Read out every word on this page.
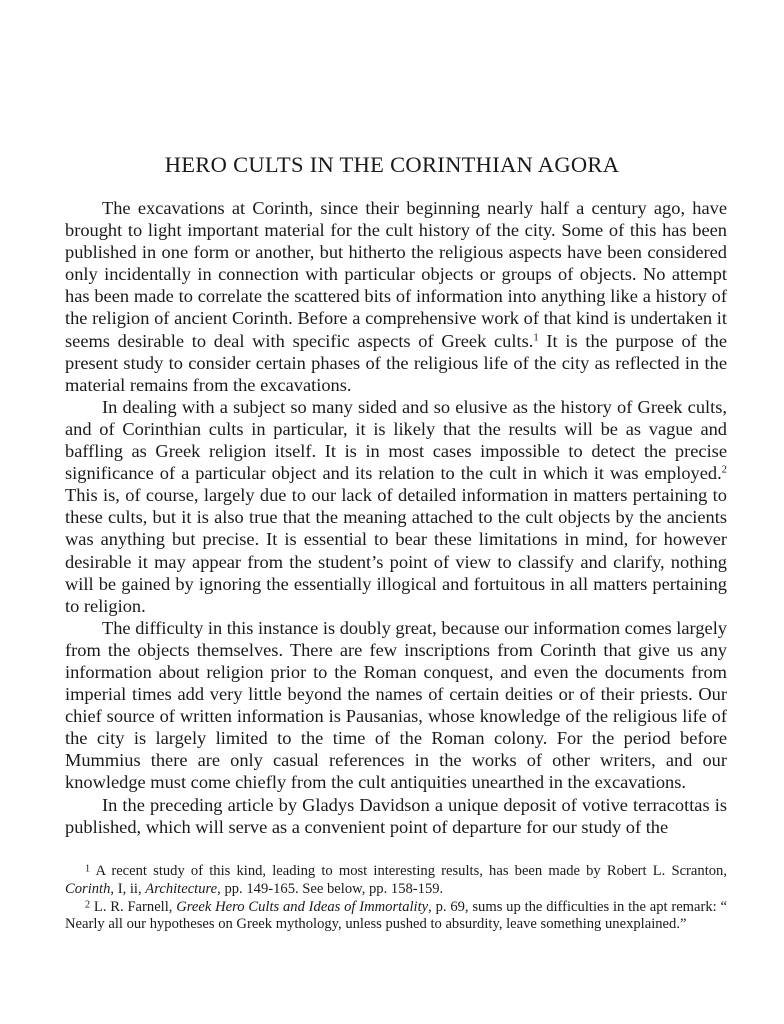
HERO CULTS IN THE CORINTHIAN AGORA

The excavations at Corinth, since their beginning nearly half a century ago, have brought to light important material for the cult history of the city. Some of this has been published in one form or another, but hitherto the religious aspects have been considered only incidentally in connection with particular objects or groups of objects. No attempt has been made to correlate the scattered bits of information into anything like a history of the religion of ancient Corinth. Before a comprehensive work of that kind is undertaken it seems desirable to deal with specific aspects of Greek cults.$^1$ It is the purpose of the present study to consider certain phases of the religious life of the city as reflected in the material remains from the excavations.

In dealing with a subject so many sided and so elusive as the history of Greek cults, and of Corinthian cults in particular, it is likely that the results will be as vague and baffling as Greek religion itself. It is in most cases impossible to detect the precise significance of a particular object and its relation to the cult in which it was employed.$^2$ This is, of course, largely due to our lack of detailed information in matters pertaining to these cults, but it is also true that the meaning attached to the cult objects by the ancients was anything but precise. It is essential to bear these limitations in mind, for however desirable it may appear from the student’s point of view to classify and clarify, nothing will be gained by ignoring the essentially illogical and fortuitous in all matters pertaining to religion.

The difficulty in this instance is doubly great, because our information comes largely from the objects themselves. There are few inscriptions from Corinth that give us any information about religion prior to the Roman conquest, and even the documents from imperial times add very little beyond the names of certain deities or of their priests. Our chief source of written information is Pausanias, whose knowledge of the religious life of the city is largely limited to the time of the Roman colony. For the period before Mummius there are only casual references in the works of other writers, and our knowledge must come chiefly from the cult antiquities unearthed in the excavations.

In the preceding article by Gladys Davidson a unique deposit of votive terracottas is published, which will serve as a convenient point of departure for our study of the

$^1$ A recent study of this kind, leading to most interesting results, has been made by Robert L. Scranton, Corinth, I, ii, Architecture, pp. 149-165. See below, pp. 158-159.

$^2$ L. R. Farnell, Greek Hero Cults and Ideas of Immortality, p. 69, sums up the difficulties in the apt remark: “ Nearly all our hypotheses on Greek mythology, unless pushed to absurdity, leave something unexplained.”
